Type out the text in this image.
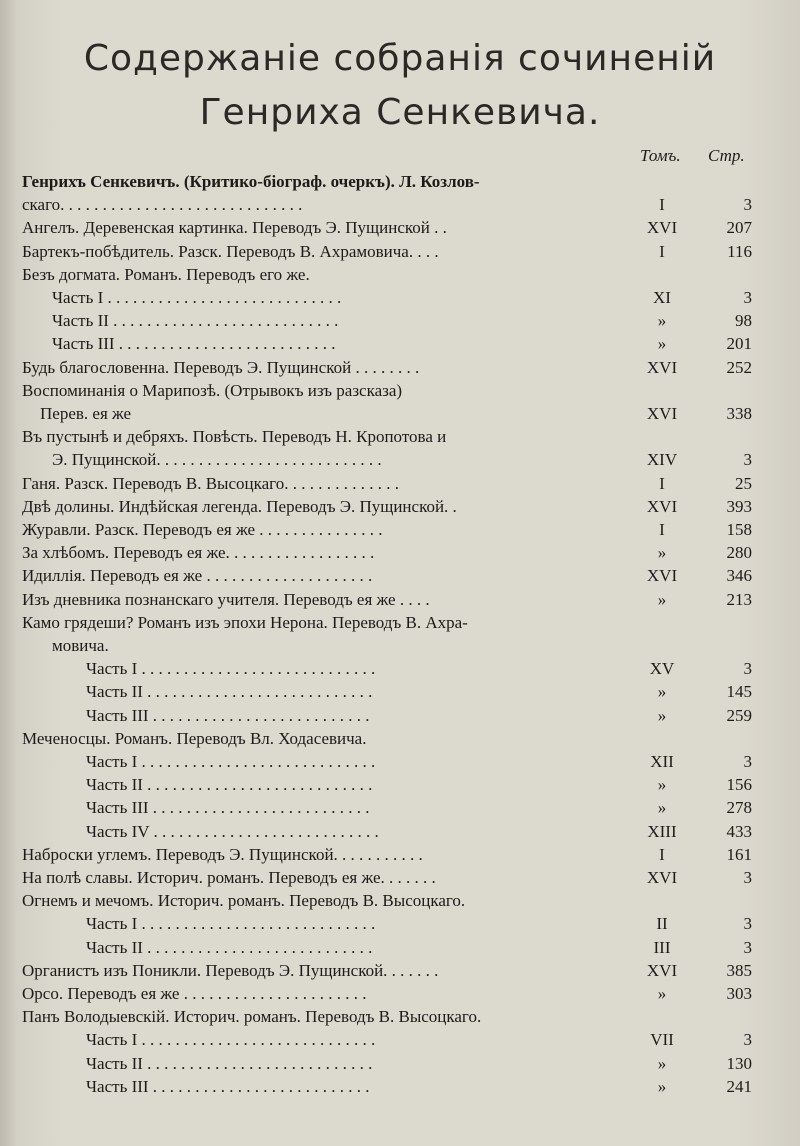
Содержаніе собранія сочиненій
Генриха Сенкевича.
Томъ. Стр.
Генрихъ Сенкевичъ. (Критико-біограф. очеркъ). Л. Козлов-
скаго. . . . . . . . . . . . . . . . . . . . . . . . . . . . .	I	3
Ангелъ. Деревенская картинка. Переводъ Э. Пущинской . .	XVI	207
Бартекъ-побѣдитель. Разск. Переводъ В. Ахрамовича. . . .	I	116
Безъ догмата. Романъ. Переводъ его же.
Часть I . . . . . . . . . . . . . . . . . . . . . . . . . . . .	XI	3
Часть II . . . . . . . . . . . . . . . . . . . . . . . . . . .	»	98
Часть III . . . . . . . . . . . . . . . . . . . . . . . . . .	»	201
Будь благословенна. Переводъ Э. Пущинской . . . . . . . .	XVI	252
Воспоминанія о Марипозѣ. (Отрывокъ изъ разсказа)
Перев. ея же	XVI	338
Въ пустынѣ и дебряхъ. Повѣсть. Переводъ Н. Кропотова и
Э. Пущинской. . . . . . . . . . . . . . . . . . . . . . . . . . .	XIV	3
Ганя. Разск. Переводъ В. Высоцкаго. . . . . . . . . . . . . .	I	25
Двѣ долины. Индѣйская легенда. Переводъ Э. Пущинской. .	XVI	393
Журавли. Разск. Переводъ ея же . . . . . . . . . . . . . . .	I	158
За хлѣбомъ. Переводъ ея же. . . . . . . . . . . . . . . . . .	»	280
Идиллія. Переводъ ея же . . . . . . . . . . . . . . . . . . . .	XVI	346
Изъ дневника познанскаго учителя. Переводъ ея же . . . .	»	213
Камо грядеши? Романъ изъ эпохи Нерона. Переводъ В. Ахра-
мовича.
Часть I . . . . . . . . . . . . . . . . . . . . . . . . . . . .	XV	3
Часть II . . . . . . . . . . . . . . . . . . . . . . . . . . .	»	145
Часть III . . . . . . . . . . . . . . . . . . . . . . . . . .	»	259
Меченосцы. Романъ. Переводъ Вл. Ходасевича.
Часть I . . . . . . . . . . . . . . . . . . . . . . . . . . . .	XII	3
Часть II . . . . . . . . . . . . . . . . . . . . . . . . . . .	»	156
Часть III . . . . . . . . . . . . . . . . . . . . . . . . . .	»	278
Часть IV . . . . . . . . . . . . . . . . . . . . . . . . . . .	XIII	433
Наброски углемъ. Переводъ Э. Пущинской. . . . . . . . . . .	I	161
На полѣ славы. Историч. романъ. Переводъ ея же. . . . . . .	XVI	3
Огнемъ и мечомъ. Историч. романъ. Переводъ В. Высоцкаго.
Часть I . . . . . . . . . . . . . . . . . . . . . . . . . . . .	II	3
Часть II . . . . . . . . . . . . . . . . . . . . . . . . . . .	III	3
Органистъ изъ Поникли. Переводъ Э. Пущинской. . . . . . .	XVI	385
Орсо. Переводъ ея же . . . . . . . . . . . . . . . . . . . . . .	»	303
Панъ Володыевскій. Историч. романъ. Переводъ В. Высоцкаго.
Часть I . . . . . . . . . . . . . . . . . . . . . . . . . . . .	VII	3
Часть II . . . . . . . . . . . . . . . . . . . . . . . . . . .	»	130
Часть III . . . . . . . . . . . . . . . . . . . . . . . . . .	»	241
